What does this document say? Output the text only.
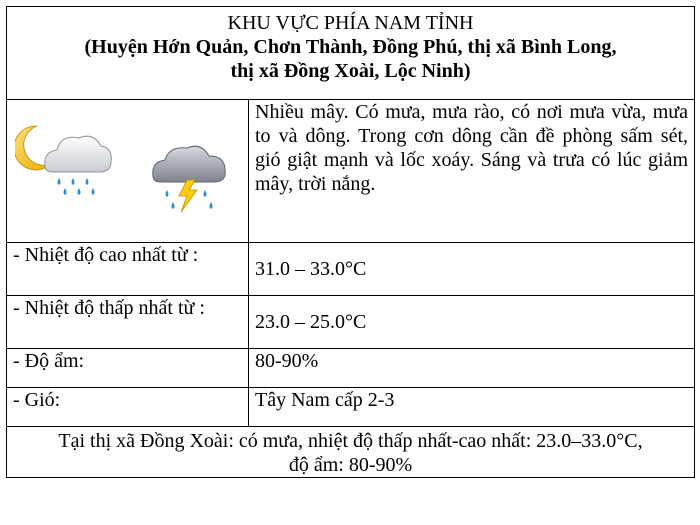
KHU VỰC PHÍA NAM TỈNH
(Huyện Hớn Quản, Chơn Thành, Đồng Phú, thị xã Bình Long,
thị xã Đồng Xoài, Lộc Ninh)	

	Nhiều mây. Có mưa, mưa rào, có nơi mưa vừa, mưa to và dông. Trong cơn dông cần đề phòng sấm sét, gió giật mạnh và lốc xoáy. Sáng và trưa có lúc giảm mây, trời nắng.
- Nhiệt độ cao nhất từ :	31.0 – 33.0°C
- Nhiệt độ thấp nhất từ :	23.0 – 25.0°C
- Độ ẩm:	80-90%
- Gió:	Tây Nam cấp 2-3

Tại thị xã Đồng Xoài: có mưa, nhiệt độ thấp nhất-cao nhất: 23.0–33.0°C,
độ ẩm: 80-90%	
